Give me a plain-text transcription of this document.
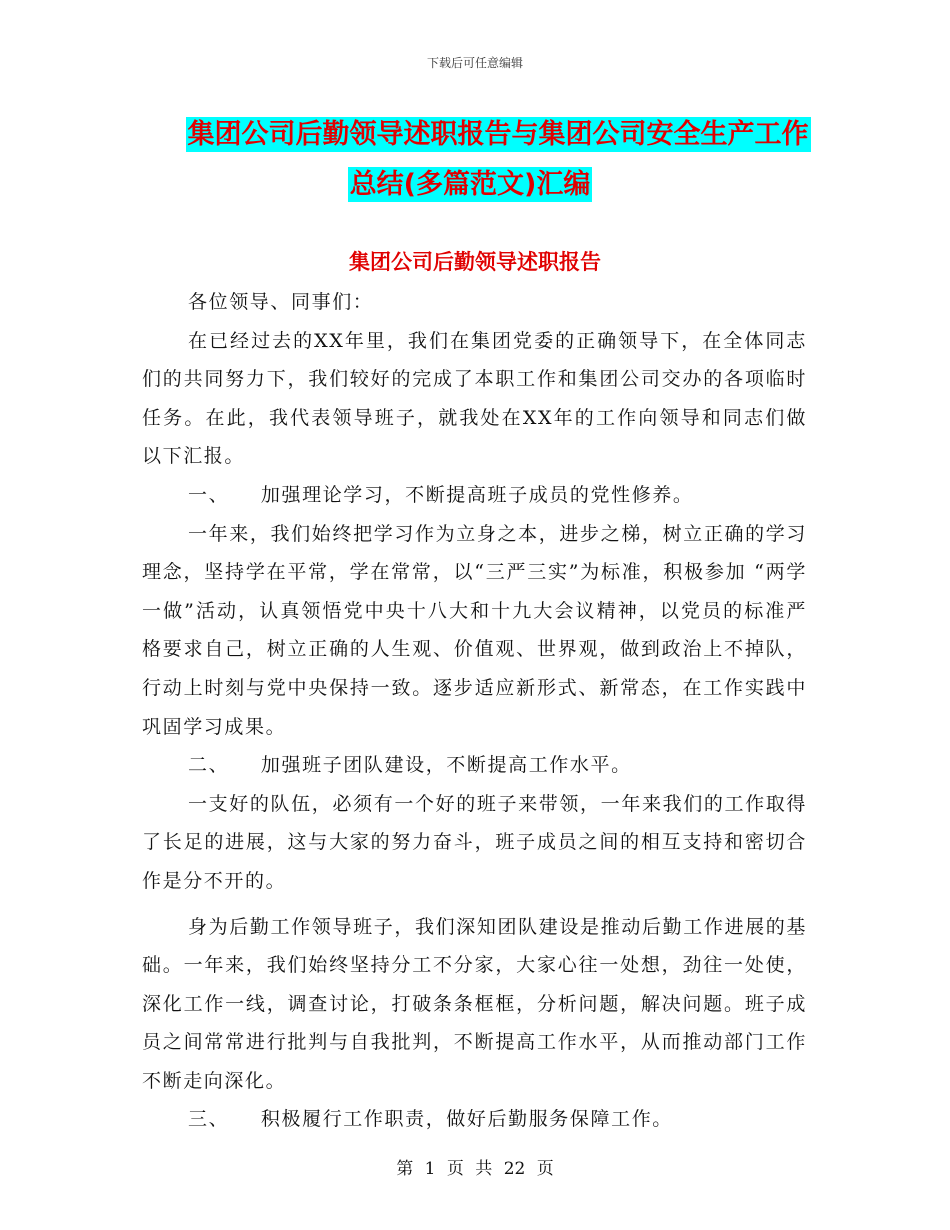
下载后可任意编辑
集团公司后勤领导述职报告与集团公司安全生产工作
总结(多篇范文)汇编
集团公司后勤领导述职报告

各位领导、同事们：

在已经过去的XX年里，我们在集团党委的正确领导下，在全体同志们的共同努力下，我们较好的完成了本职工作和集团公司交办的各项临时任务。在此，我代表领导班子，就我处在XX年的工作向领导和同志们做以下汇报。

一、　　加强理论学习，不断提高班子成员的党性修养。

一年来，我们始终把学习作为立身之本，进步之梯，树立正确的学习理念，坚持学在平常，学在常常，以“三严三实”为标准，积极参加 “两学一做”活动，认真领悟党中央十八大和十九大会议精神，以党员的标准严格要求自己，树立正确的人生观、价值观、世界观，做到政治上不掉队，行动上时刻与党中央保持一致。逐步适应新形式、新常态，在工作实践中巩固学习成果。

二、　　加强班子团队建设，不断提高工作水平。

一支好的队伍，必须有一个好的班子来带领，一年来我们的工作取得了长足的进展，这与大家的努力奋斗，班子成员之间的相互支持和密切合作是分不开的。

身为后勤工作领导班子，我们深知团队建设是推动后勤工作进展的基础。一年来，我们始终坚持分工不分家，大家心往一处想，劲往一处使，深化工作一线，调查讨论，打破条条框框，分析问题，解决问题。班子成员之间常常进行批判与自我批判，不断提高工作水平，从而推动部门工作不断走向深化。

三、　　积极履行工作职责，做好后勤服务保障工作。

第 1 页 共 22 页
